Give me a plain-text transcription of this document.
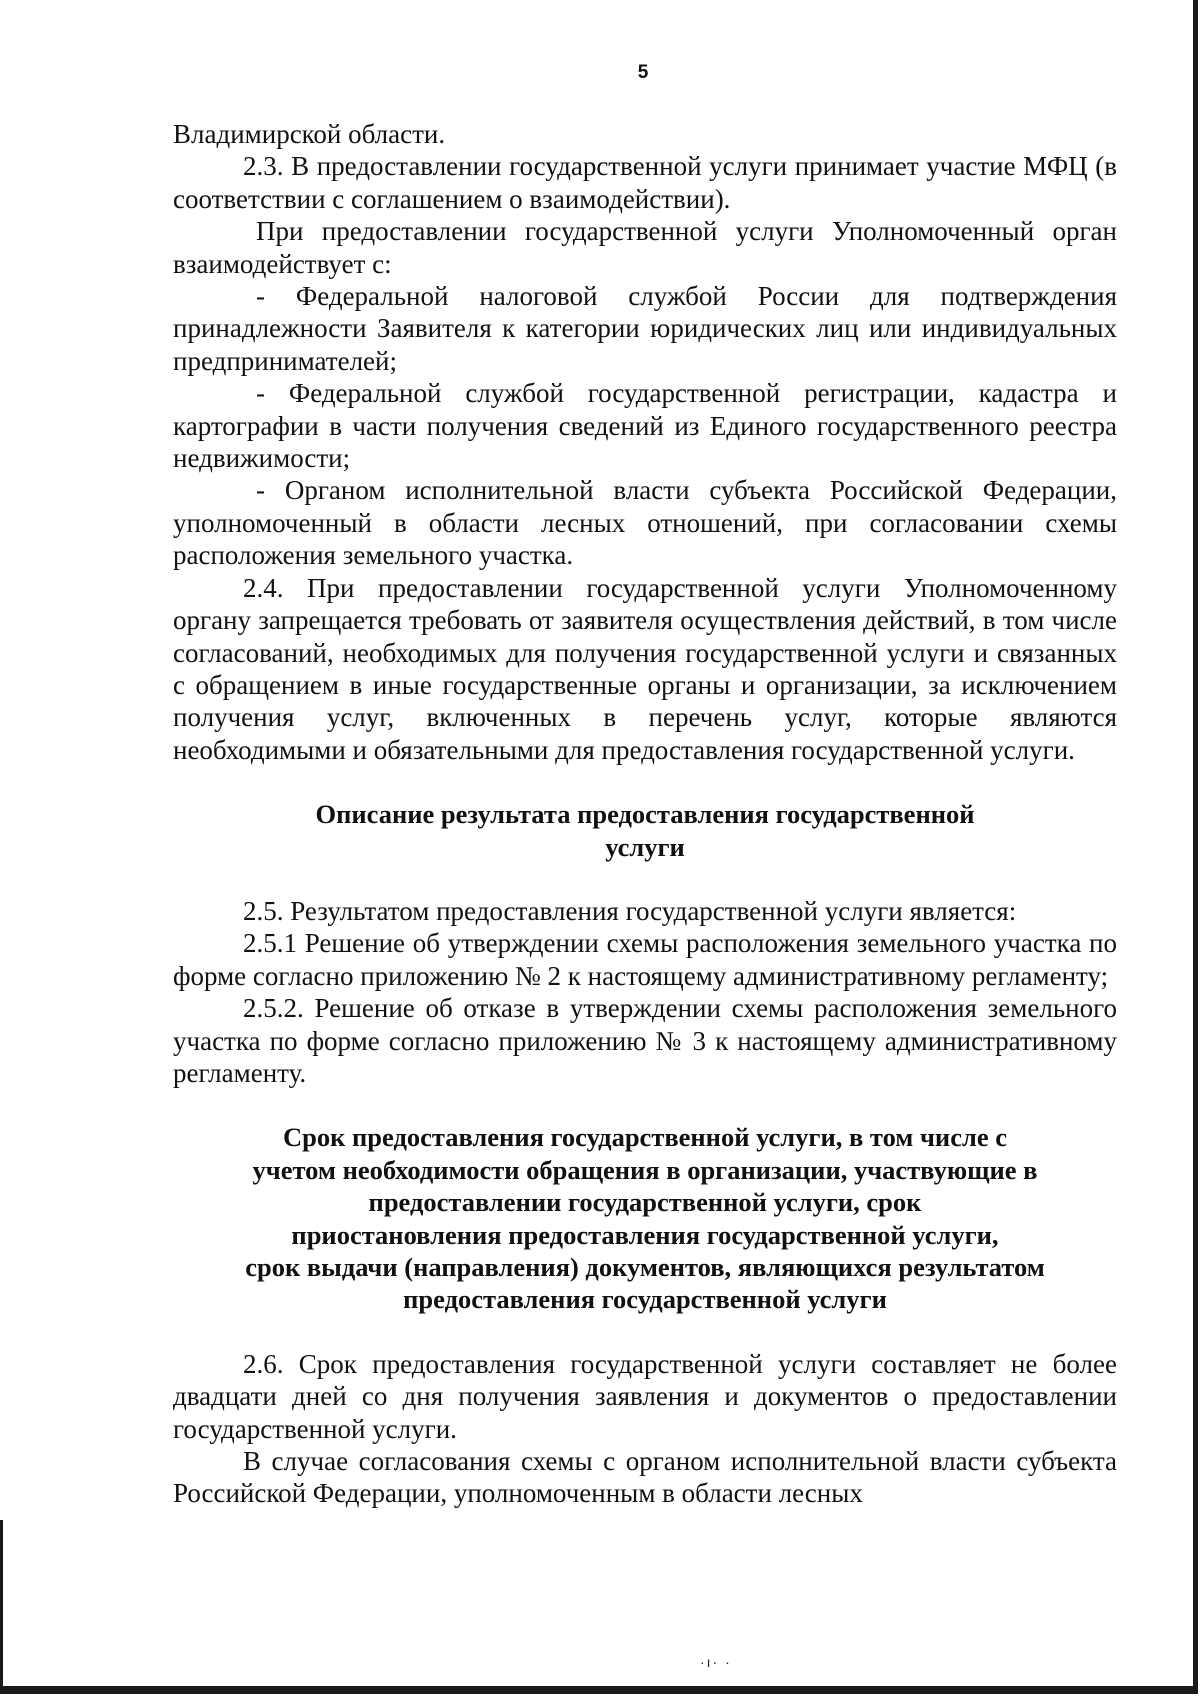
5

Владимирской области.

2.3. В предоставлении государственной услуги принимает участие МФЦ (в соответствии с соглашением о взаимодействии).

При предоставлении государственной услуги Уполномоченный орган взаимодействует с:

- Федеральной налоговой службой России для подтверждения принадлежности Заявителя к категории юридических лиц или индивидуальных предпринимателей;

- Федеральной службой государственной регистрации, кадастра и картографии в части получения сведений из Единого государственного реестра недвижимости;

- Органом исполнительной власти субъекта Российской Федерации, уполномоченный в области лесных отношений, при согласовании схемы расположения земельного участка.

2.4. При предоставлении государственной услуги Уполномоченному органу запрещается требовать от заявителя осуществления действий, в том числе согласований, необходимых для получения государственной услуги и связанных с обращением в иные государственные органы и организации, за исключением получения услуг, включенных в перечень услуг, которые являются необходимыми и обязательными для предоставления государственной услуги.

Описание результата предоставления государственной

услуги

2.5. Результатом предоставления государственной услуги является:

2.5.1 Решение об утверждении схемы расположения земельного участка по форме согласно приложению № 2 к настоящему административному регламенту;

2.5.2. Решение об отказе в утверждении схемы расположения земельного участка по форме согласно приложению № 3 к настоящему административному регламенту.

Срок предоставления государственной услуги, в том числе с

учетом необходимости обращения в организации, участвующие в

предоставлении государственной услуги, срок

приостановления предоставления государственной услуги,

срок выдачи (направления) документов, являющихся результатом

предоставления государственной услуги

2.6. Срок предоставления государственной услуги составляет не более двадцати дней со дня получения заявления и документов о предоставлении государственной услуги.

В случае согласования схемы с органом исполнительной власти субъекта Российской Федерации, уполномоченным в области лесных

·ı· ·
